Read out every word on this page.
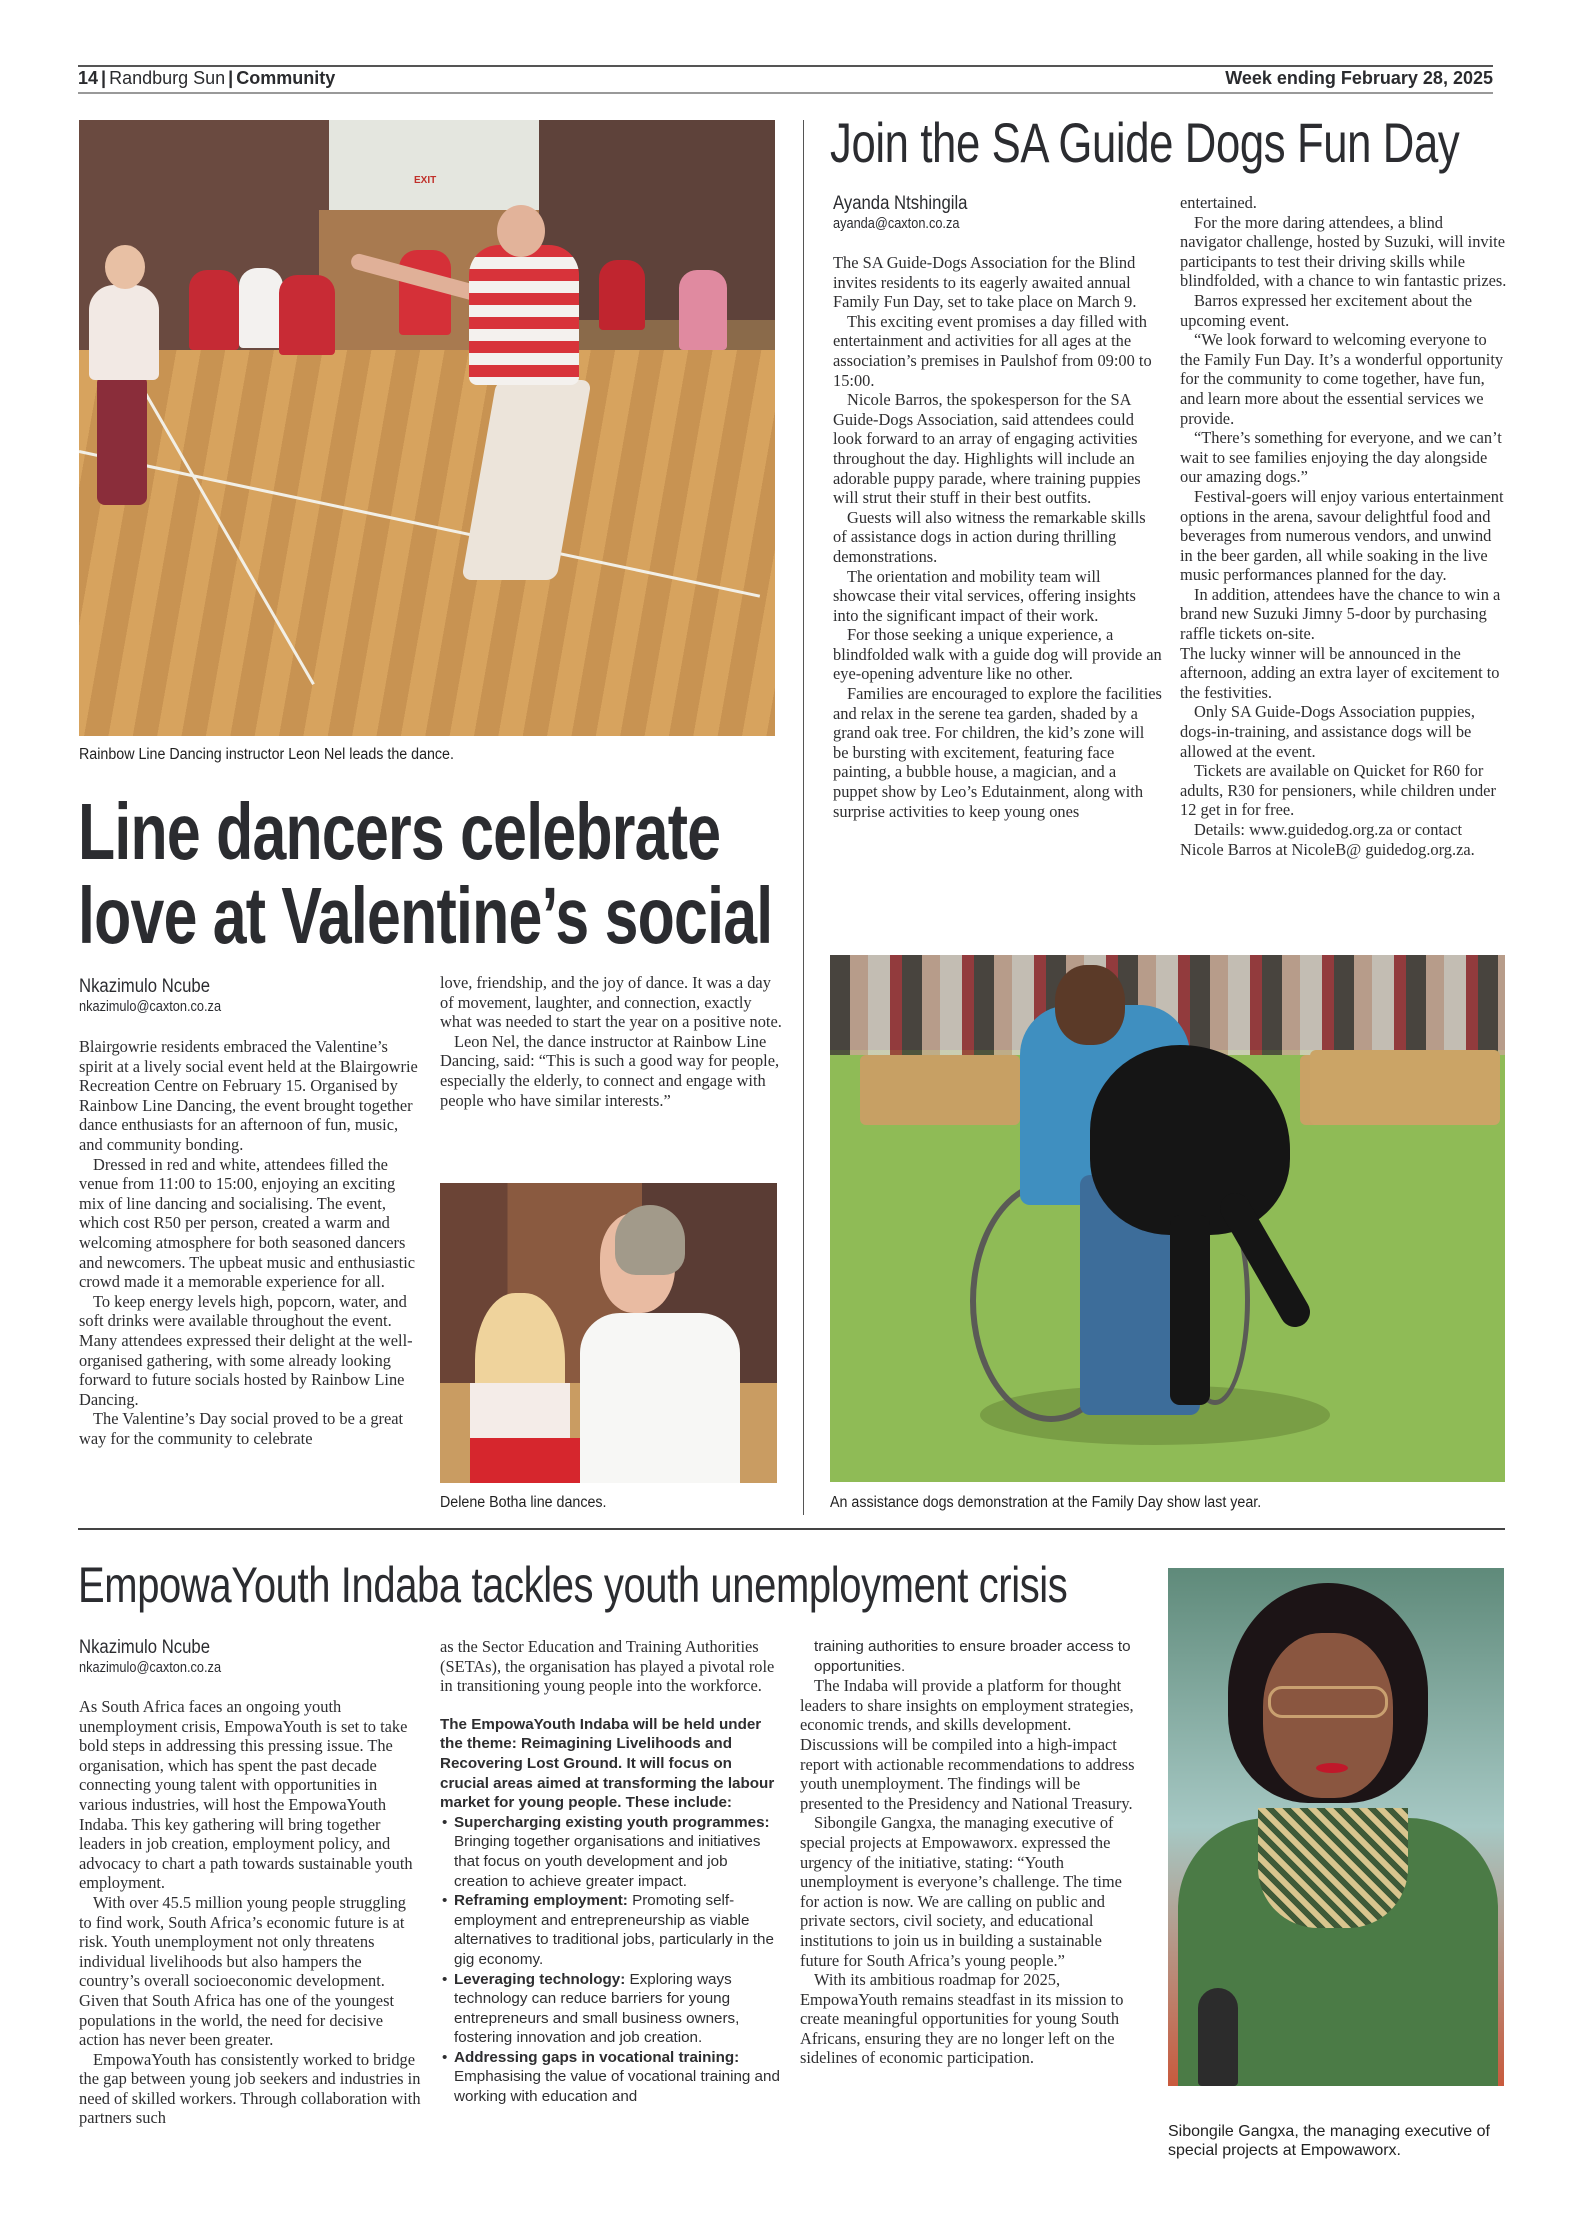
14 | Randburg Sun | Community	Week ending February 28, 2025
EXIT
Rainbow Line Dancing instructor Leon Nel leads the dance.
Line dancers celebrate
love at Valentine’s social
Nkazimulo Ncube
nkazimulo@caxton.co.za

Blairgowrie residents embraced the Valentine’s spirit at a lively social event held at the Blairgowrie Recreation Centre on February 15. Organised by Rainbow Line Dancing, the event brought together dance enthusiasts for an afternoon of fun, music, and community bonding.

Dressed in red and white, attendees filled the venue from 11:00 to 15:00, enjoying an exciting mix of line dancing and socialising. The event, which cost R50 per person, created a warm and welcoming atmosphere for both seasoned dancers and newcomers. The upbeat music and enthusiastic crowd made it a memorable experience for all.

To keep energy levels high, popcorn, water, and soft drinks were available throughout the event. Many attendees expressed their delight at the well-organised gathering, with some already looking forward to future socials hosted by Rainbow Line Dancing.

The Valentine’s Day social proved to be a great way for the community to celebrate

love, friendship, and the joy of dance. It was a day of movement, laughter, and connection, exactly what was needed to start the year on a positive note.

Leon Nel, the dance instructor at Rainbow Line Dancing, said: “This is such a good way for people, especially the elderly, to connect and engage with people who have similar interests.”

Delene Botha line dances.
Join the SA Guide Dogs Fun Day
Ayanda Ntshingila
ayanda@caxton.co.za

The SA Guide-Dogs Association for the Blind invites residents to its eagerly awaited annual Family Fun Day, set to take place on March 9.

This exciting event promises a day filled with entertainment and activities for all ages at the association’s premises in Paulshof from 09:00 to 15:00.

Nicole Barros, the spokesperson for the SA Guide-Dogs Association, said attendees could look forward to an array of engaging activities throughout the day. Highlights will include an adorable puppy parade, where training puppies will strut their stuff in their best outfits.

Guests will also witness the remarkable skills of assistance dogs in action during thrilling demonstrations.

The orientation and mobility team will showcase their vital services, offering insights into the significant impact of their work.

For those seeking a unique experience, a blindfolded walk with a guide dog will provide an eye-opening adventure like no other.

Families are encouraged to explore the facilities and relax in the serene tea garden, shaded by a grand oak tree. For children, the kid’s zone will be bursting with excitement, featuring face painting, a bubble house, a magician, and a puppet show by Leo’s Edutainment, along with surprise activities to keep young ones

entertained.

For the more daring attendees, a blind navigator challenge, hosted by Suzuki, will invite participants to test their driving skills while blindfolded, with a chance to win fantastic prizes.

Barros expressed her excitement about the upcoming event.

“We look forward to welcoming everyone to the Family Fun Day. It’s a wonderful opportunity for the community to come together, have fun, and learn more about the essential services we provide.

“There’s something for everyone, and we can’t wait to see families enjoying the day alongside our amazing dogs.”

Festival-goers will enjoy various entertainment options in the arena, savour delightful food and beverages from numerous vendors, and unwind in the beer garden, all while soaking in the live music performances planned for the day.

In addition, attendees have the chance to win a brand new Suzuki Jimny 5-door by purchasing raffle tickets on-site.

The lucky winner will be announced in the afternoon, adding an extra layer of excitement to the festivities.

Only SA Guide-Dogs Association puppies, dogs-in-training, and assistance dogs will be allowed at the event.

Tickets are available on Quicket for R60 for adults, R30 for pensioners, while children under 12 get in for free.

Details: www.guidedog.org.za or contact Nicole Barros at NicoleB@ guidedog.org.za.

An assistance dogs demonstration at the Family Day show last year.
EmpowaYouth Indaba tackles youth unemployment crisis
Nkazimulo Ncube
nkazimulo@caxton.co.za

As South Africa faces an ongoing youth unemployment crisis, EmpowaYouth is set to take bold steps in addressing this pressing issue. The organisation, which has spent the past decade connecting young talent with opportunities in various industries, will host the EmpowaYouth Indaba. This key gathering will bring together leaders in job creation, employment policy, and advocacy to chart a path towards sustainable youth employment.

With over 45.5 million young people struggling to find work, South Africa’s economic future is at risk. Youth unemployment not only threatens individual livelihoods but also hampers the country’s overall socioeconomic development. Given that South Africa has one of the youngest populations in the world, the need for decisive action has never been greater.

EmpowaYouth has consistently worked to bridge the gap between young job seekers and industries in need of skilled workers. Through collaboration with partners such

as the Sector Education and Training Authorities (SETAs), the organisation has played a pivotal role in transitioning young people into the workforce.

The EmpowaYouth Indaba will be held under the theme: Reimagining Livelihoods and Recovering Lost Ground. It will focus on crucial areas aimed at transforming the labour market for young people. These include:

• Supercharging existing youth programmes: Bringing together organisations and initiatives that focus on youth development and job creation to achieve greater impact.
• Reframing employment: Promoting self-employment and entrepreneurship as viable alternatives to traditional jobs, particularly in the gig economy.
• Leveraging technology: Exploring ways technology can reduce barriers for young entrepreneurs and small business owners, fostering innovation and job creation.
• Addressing gaps in vocational training: Emphasising the value of vocational training and working with education and

training authorities to ensure broader access to opportunities.

The Indaba will provide a platform for thought leaders to share insights on employment strategies, economic trends, and skills development. Discussions will be compiled into a high-impact report with actionable recommendations to address youth unemployment. The findings will be presented to the Presidency and National Treasury.

Sibongile Gangxa, the managing executive of special projects at Empowaworx. expressed the urgency of the initiative, stating: “Youth unemployment is everyone’s challenge. The time for action is now. We are calling on public and private sectors, civil society, and educational institutions to join us in building a sustainable future for South Africa’s young people.”

With its ambitious roadmap for 2025, EmpowaYouth remains steadfast in its mission to create meaningful opportunities for young South Africans, ensuring they are no longer left on the sidelines of economic participation.

Sibongile Gangxa, the managing executive of special projects at Empowaworx.
